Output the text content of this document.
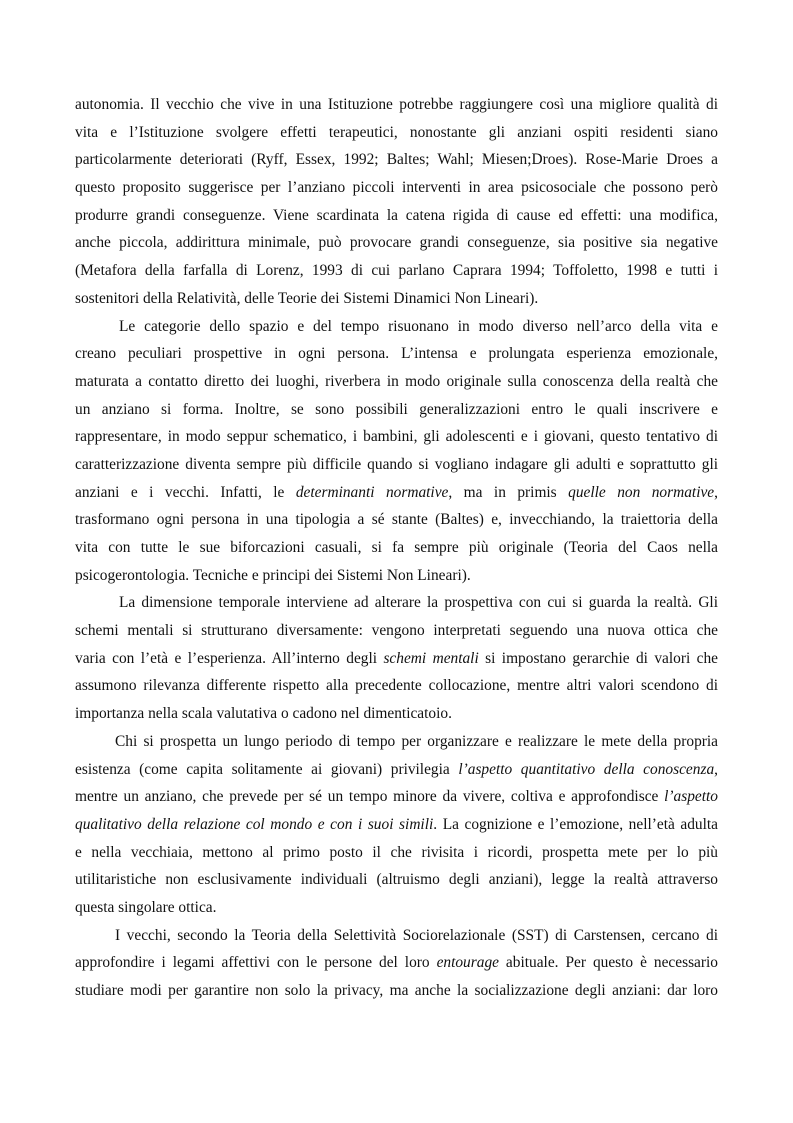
autonomia. Il vecchio che vive in una Istituzione potrebbe raggiungere così una migliore qualità di
vita e l’Istituzione svolgere effetti terapeutici, nonostante gli anziani ospiti residenti siano
particolarmente deteriorati (Ryff, Essex, 1992; Baltes; Wahl; Miesen;Droes). Rose-Marie Droes a
questo proposito suggerisce per l’anziano piccoli interventi in area psicosociale che possono però
produrre grandi conseguenze. Viene scardinata la catena rigida di cause ed effetti: una modifica,
anche piccola, addirittura minimale, può provocare grandi conseguenze, sia positive sia negative
(Metafora della farfalla di Lorenz, 1993 di cui parlano Caprara 1994; Toffoletto, 1998 e tutti i
sostenitori della Relatività, delle Teorie dei Sistemi Dinamici Non Lineari).
Le categorie dello spazio e del tempo risuonano in modo diverso nell’arco della vita e
creano peculiari prospettive in ogni persona. L’intensa e prolungata esperienza emozionale,
maturata a contatto diretto dei luoghi, riverbera in modo originale sulla conoscenza della realtà che
un anziano si forma. Inoltre, se sono possibili generalizzazioni entro le quali inscrivere e
rappresentare, in modo seppur schematico, i bambini, gli adolescenti e i giovani, questo tentativo di
caratterizzazione diventa sempre più difficile quando si vogliano indagare gli adulti e soprattutto gli
anziani e i vecchi. Infatti, le determinanti normative, ma in primis quelle non normative,
trasformano ogni persona in una tipologia a sé stante (Baltes) e, invecchiando, la traiettoria della
vita con tutte le sue biforcazioni casuali, si fa sempre più originale (Teoria del Caos nella
psicogerontologia. Tecniche e principi dei Sistemi Non Lineari).
La dimensione temporale interviene ad alterare la prospettiva con cui si guarda la realtà. Gli
schemi mentali si strutturano diversamente: vengono interpretati seguendo una nuova ottica che
varia con l’età e l’esperienza. All’interno degli schemi mentali si impostano gerarchie di valori che
assumono rilevanza differente rispetto alla precedente collocazione, mentre altri valori scendono di
importanza nella scala valutativa o cadono nel dimenticatoio.
Chi si prospetta un lungo periodo di tempo per organizzare e realizzare le mete della propria
esistenza (come capita solitamente ai giovani) privilegia l’aspetto quantitativo della conoscenza,
mentre un anziano, che prevede per sé un tempo minore da vivere, coltiva e approfondisce l’aspetto
qualitativo della relazione col mondo e con i suoi simili. La cognizione e l’emozione, nell’età adulta
e nella vecchiaia, mettono al primo posto il che rivisita i ricordi, prospetta mete per lo più
utilitaristiche non esclusivamente individuali (altruismo degli anziani), legge la realtà attraverso
questa singolare ottica.
I vecchi, secondo la Teoria della Selettività Sociorelazionale (SST) di Carstensen, cercano di
approfondire i legami affettivi con le persone del loro entourage abituale. Per questo è necessario
studiare modi per garantire non solo la privacy, ma anche la socializzazione degli anziani: dar loro
